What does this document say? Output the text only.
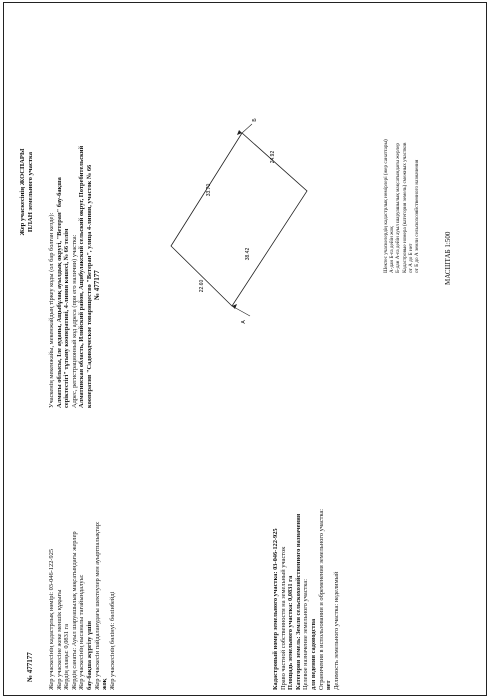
№ 477177
№ 477177
Жер учаскесінің ЖОСПАРЫ ПЛАН земельного участка
Учаскенің мекенжайы, мекенжайдың тіркеу коды (ол бар болған кезде): Алматы облысы, Іле ауданы, Ащыбұлақ ауылдық округі, "Ветеран" бау-бақша серіктестігі" тұтыну кооперативі, 4-линия көшесі, № 66 телім Адрес, регистрационный код адреса (при его наличии) участка: Алматинская область, Илийский район, Ащибулакский сельский округ, Потребительский кооператив "Садоводческое товарищество "Ветеран", улица 4-линия, участок № 66
Жер учаскесінің кадастрлық нөмірі: 03-046-122-925 Жер учаскесіне жеке меншік құқығы Жердің алаңы: 0,0831 га Жердің санаты: Ауыл шаруашылық мақсатындағы жерлер Жер учаскесінің нысаналы тағайындалуы: бау-бақша жүргізу үшін Жер учаскесін пайдаланудағы шектеулер мен ауыртпалықтар: жоқ Жер учаскесінің бөлінуі: бөлінбейді	Кадастровый номер земельного участка: 03-046-122-925 Право частной собственности на земельный участок Площадь земельного участка: 0,0831 га Категория земель: Земли сельскохозяйственного назначения Целевое назначение земельного участка: для ведения садоводства Ограничения в использовании и обременения земельного участка: нет Делимость земельного участка: неделимый
А
Б
33.70
24.92
22.60
38.42	Шектес учаскелердің кадастрлық нөмірлері (жер санаттары) А-дан Б-ға дейін жоқ Б-дан А-ға дейін ауыл шаруашылық мақсатындағы жерлер Кадастровые номера (категория земель) смежных участков от А до Б нет от Б до А земли сельскохозяйственного назначения	МАСШТАБ 1:500
